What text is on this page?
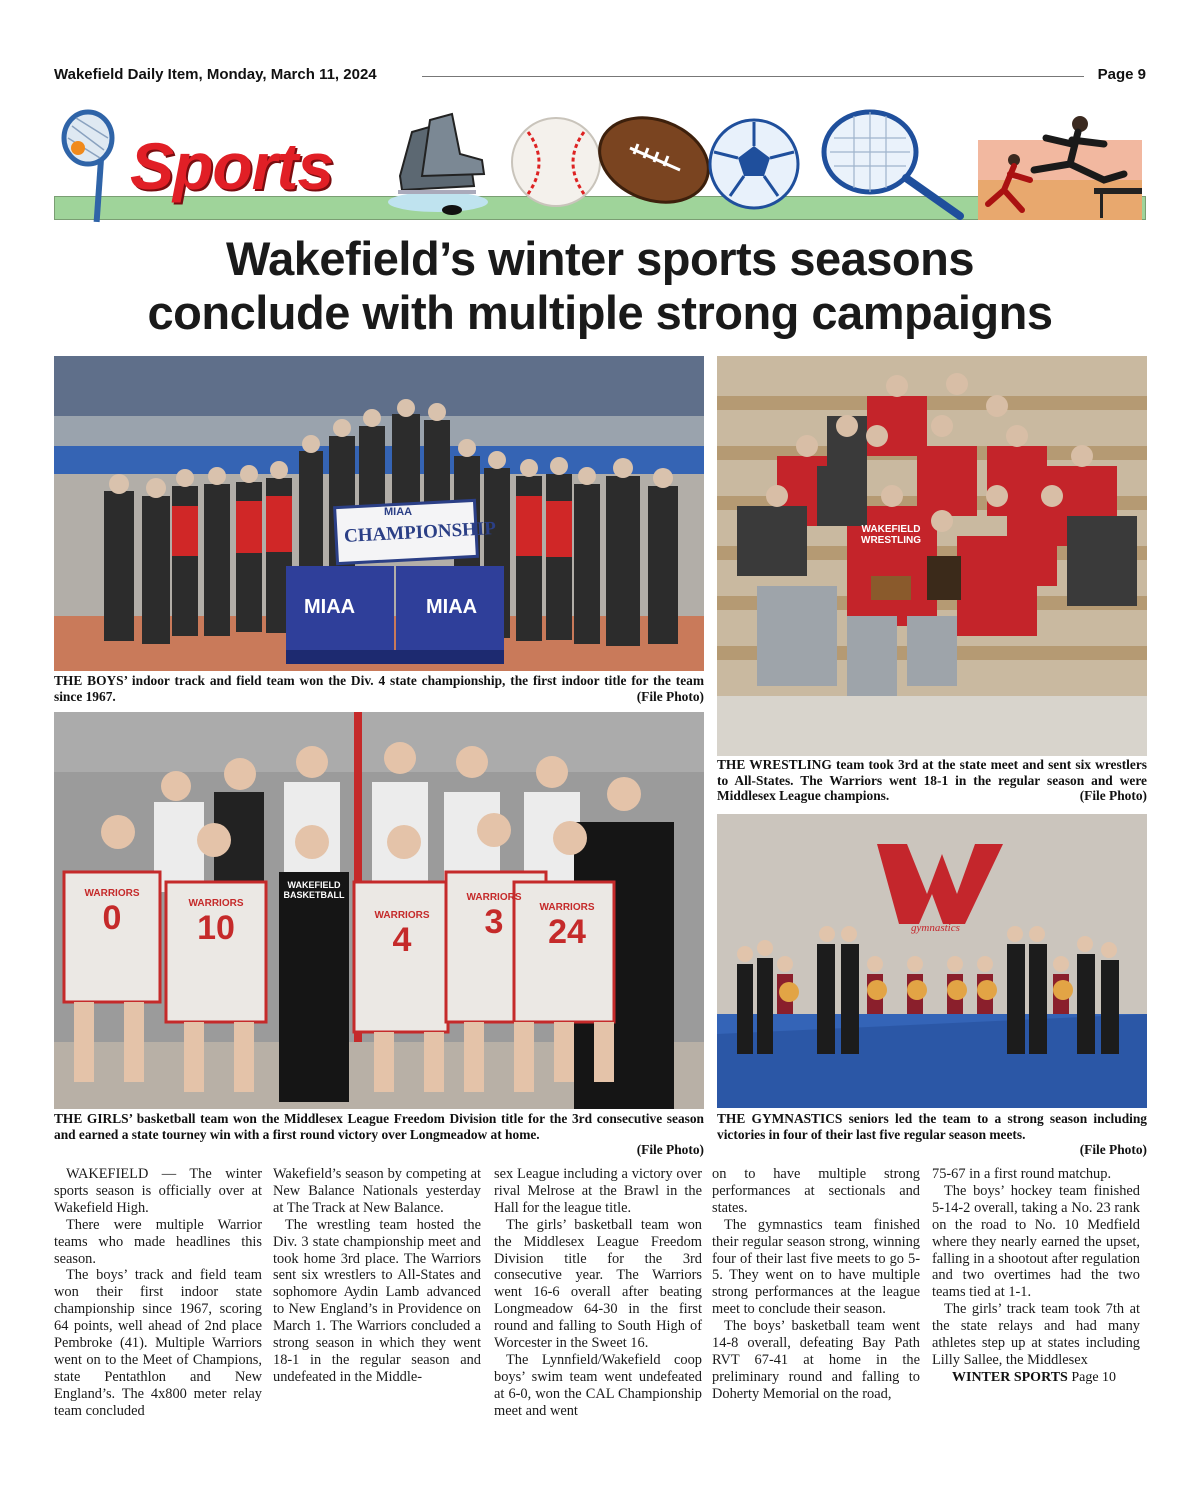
Wakefield Daily Item, Monday, March 11, 2024	Page 9
Sports
Wakefield’s winter sports seasons
conclude with multiple strong campaigns
MIAA
CHAMPIONSHIP
MIAA	MIAA
THE BOYS’ indoor track and field team won the Div. 4 state championship, the first indoor title for the team since 1967.	(File Photo)
WAKEFIELD WRESTLING
THE WRESTLING team took 3rd at the state meet and sent six wrestlers to All-States. The Warriors went 18-1 in the regular season and were Middlesex League champions.	(File Photo)
WARRIORS
0	WARRIORS
10	WARRIORS
4
WARRIORS
3	WARRIORS
24
WAKEFIELD BASKETBALL
THE GIRLS’ basketball team won the Middlesex League Freedom Division title for the 3rd consecutive season and earned a state tourney win with a first round victory over Longmeadow at home.
(File Photo)
gymnastics
THE GYMNASTICS seniors led the team to a strong season including victories in four of their last five regular season meets.
(File Photo)

WAKEFIELD — The winter sports season is officially over at Wakefield High.

There were multiple Warrior teams who made headlines this season.

The boys’ track and field team won their first indoor state championship since 1967, scoring 64 points, well ahead of 2nd place Pembroke (41). Multiple Warriors went on to the Meet of Champions, state Pentathlon and New England’s. The 4x800 meter relay team concluded

Wakefield’s season by competing at New Balance Nationals yesterday at The Track at New Balance.

The wrestling team hosted the Div. 3 state championship meet and took home 3rd place. The Warriors sent six wrestlers to All-States and sophomore Aydin Lamb advanced to New England’s in Providence on March 1. The Warriors concluded a strong season in which they went 18-1 in the regular season and undefeated in the Middle-

sex League including a victory over rival Melrose at the Brawl in the Hall for the league title.

The girls’ basketball team won the Middlesex League Freedom Division title for the 3rd consecutive year. The Warriors went 16-6 overall after beating Longmeadow 64-30 in the first round and falling to South High of Worcester in the Sweet 16.

The Lynnfield/Wakefield coop boys’ swim team went undefeated at 6-0, won the CAL Championship meet and went

on to have multiple strong performances at sectionals and states.

The gymnastics team finished their regular season strong, winning four of their last five meets to go 5-5. They went on to have multiple strong performances at the league meet to conclude their season.

The boys’ basketball team went 14-8 overall, defeating Bay Path RVT 67-41 at home in the preliminary round and falling to Doherty Memorial on the road,

75-67 in a first round matchup.

The boys’ hockey team finished 5-14-2 overall, taking a No. 23 rank on the road to No. 10 Medfield where they nearly earned the upset, falling in a shootout after regulation and two overtimes had the two teams tied at 1-1.

The girls’ track team took 7th at the state relays and had many athletes step up at states including Lilly Sallee, the Middlesex

WINTER SPORTS Page 10
